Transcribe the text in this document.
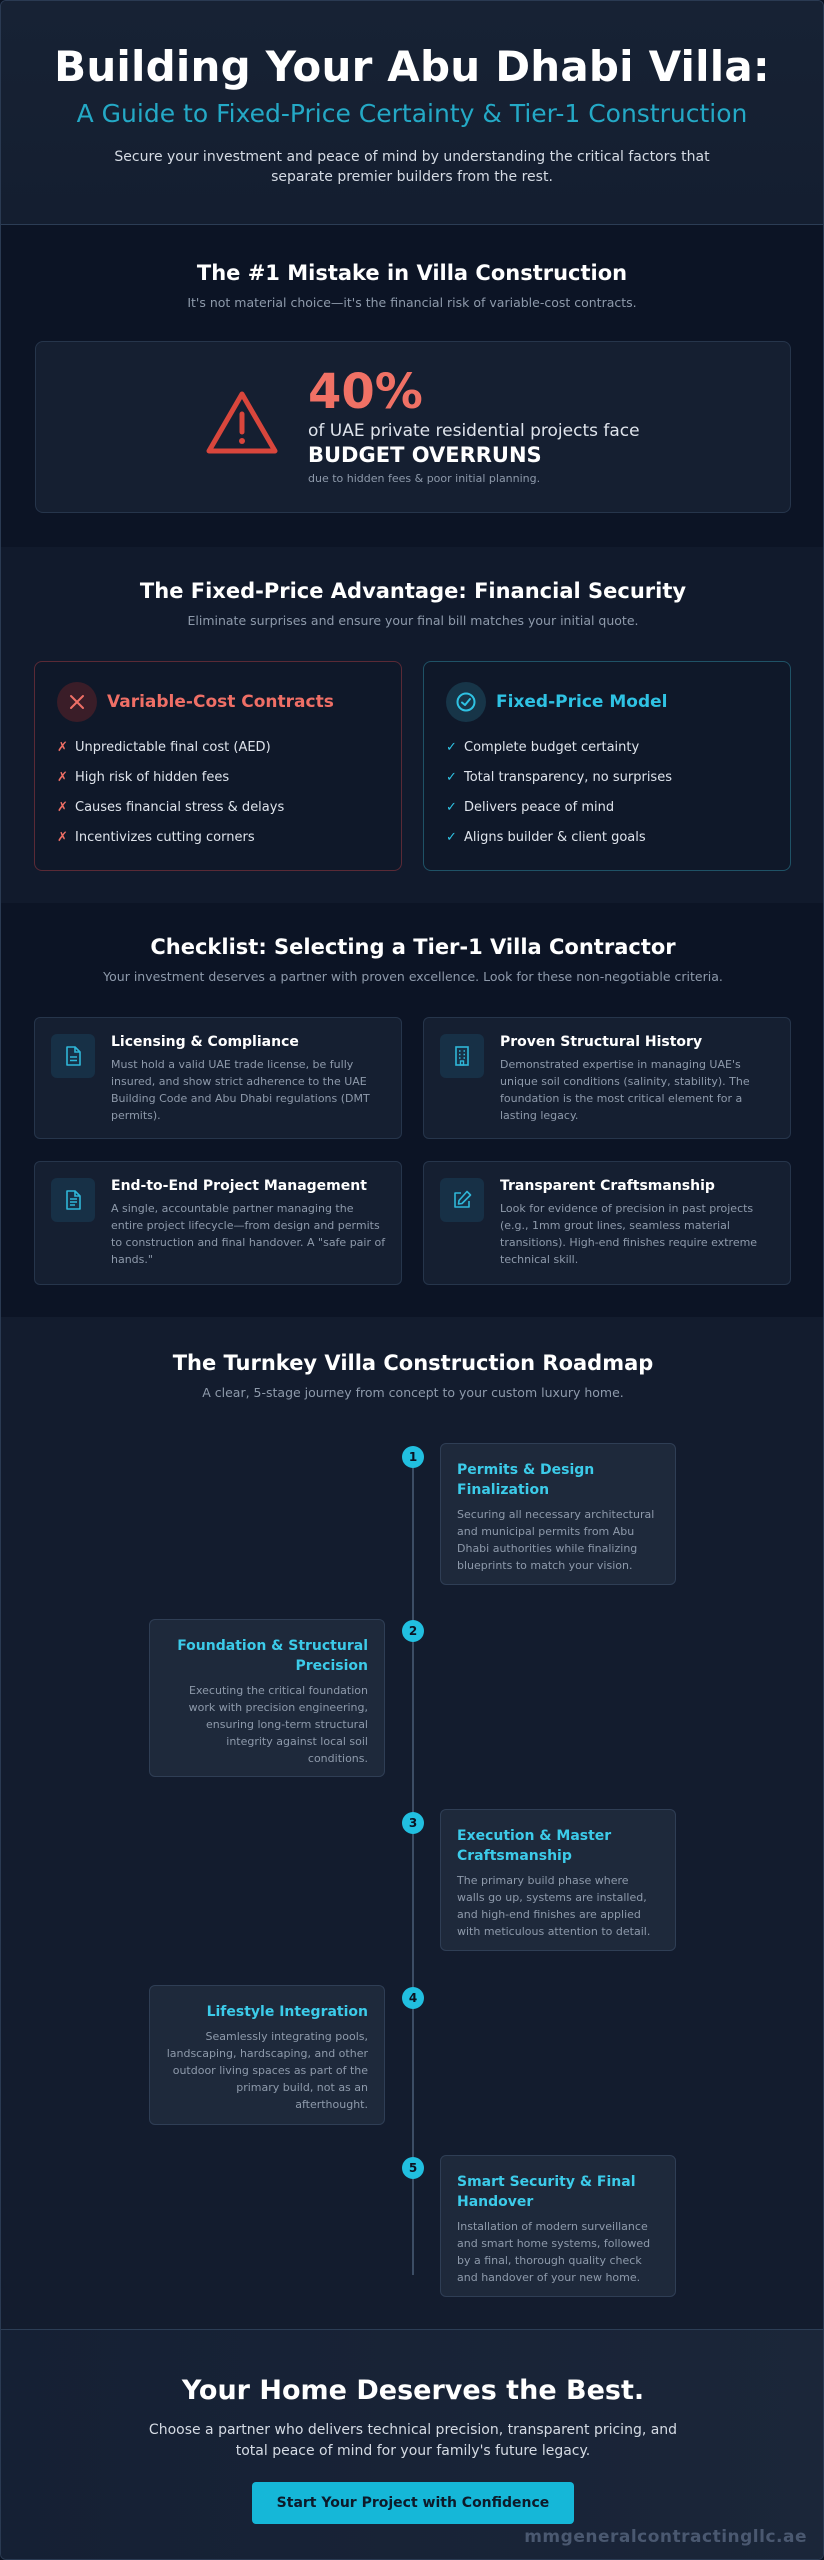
Building Your Abu Dhabi Villa:
A Guide to Fixed-Price Certainty & Tier-1 Construction

Secure your investment and peace of mind by understanding the critical factors that separate premier builders from the rest.

The #1 Mistake in Villa Construction
It's not material choice—it's the financial risk of variable-cost contracts.
40%
of UAE private residential projects face
BUDGET OVERRUNS
due to hidden fees & poor initial planning.
The Fixed-Price Advantage: Financial Security
Eliminate surprises and ensure your final bill matches your initial quote.
Variable-Cost Contracts
✗ Unpredictable final cost (AED)
✗ High risk of hidden fees
✗ Causes financial stress & delays
✗ Incentivizes cutting corners
Fixed-Price Model
✓ Complete budget certainty
✓ Total transparency, no surprises
✓ Delivers peace of mind
✓ Aligns builder & client goals
Checklist: Selecting a Tier-1 Villa Contractor
Your investment deserves a partner with proven excellence. Look for these non-negotiable criteria.
Licensing & Compliance
Must hold a valid UAE trade license, be fully insured, and show strict adherence to the UAE Building Code and Abu Dhabi regulations (DMT permits).
Proven Structural History
Demonstrated expertise in managing UAE's unique soil conditions (salinity, stability). The foundation is the most critical element for a lasting legacy.
End-to-End Project Management
A single, accountable partner managing the entire project lifecycle—from design and permits to construction and final handover. A "safe pair of hands."
Transparent Craftsmanship
Look for evidence of precision in past projects (e.g., 1mm grout lines, seamless material transitions). High-end finishes require extreme technical skill.
The Turnkey Villa Construction Roadmap
A clear, 5-stage journey from concept to your custom luxury home.
1
Permits & Design Finalization
Securing all necessary architectural and municipal permits from Abu Dhabi authorities while finalizing blueprints to match your vision.
2
Foundation & Structural Precision
Executing the critical foundation work with precision engineering, ensuring long-term structural integrity against local soil conditions.
3
Execution & Master Craftsmanship
The primary build phase where walls go up, systems are installed, and high-end finishes are applied with meticulous attention to detail.
4
Lifestyle Integration
Seamlessly integrating pools, landscaping, hardscaping, and other outdoor living spaces as part of the primary build, not as an afterthought.
5
Smart Security & Final Handover
Installation of modern surveillance and smart home systems, followed by a final, thorough quality check and handover of your new home.
Your Home Deserves the Best.

Choose a partner who delivers technical precision, transparent pricing, and total peace of mind for your family's future legacy.

Start Your Project with Confidence
mmgeneralcontractingllc.ae
